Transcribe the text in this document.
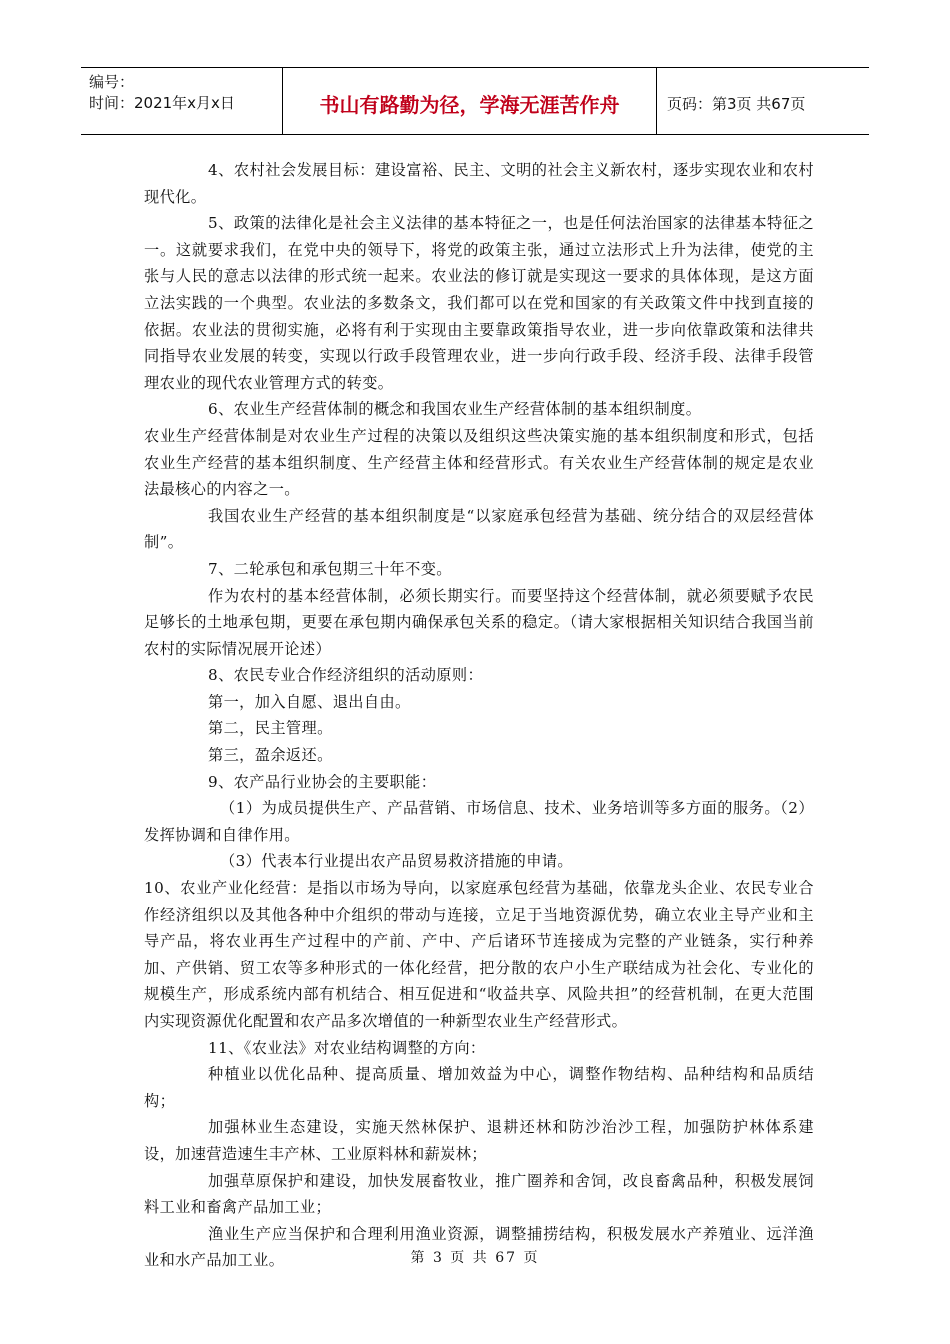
编号：
时间：2021年x月x日	书山有路勤为径，学海无涯苦作舟	页码：第3页 共67页

4、农村社会发展目标：建设富裕、民主、文明的社会主义新农村，逐步实现农业和农村现代化。

5、政策的法律化是社会主义法律的基本特征之一，也是任何法治国家的法律基本特征之一。这就要求我们，在党中央的领导下，将党的政策主张，通过立法形式上升为法律，使党的主张与人民的意志以法律的形式统一起来。农业法的修订就是实现这一要求的具体体现，是这方面立法实践的一个典型。农业法的多数条文，我们都可以在党和国家的有关政策文件中找到直接的依据。农业法的贯彻实施，必将有利于实现由主要靠政策指导农业，进一步向依靠政策和法律共同指导农业发展的转变，实现以行政手段管理农业，进一步向行政手段、经济手段、法律手段管理农业的现代农业管理方式的转变。

6、农业生产经营体制的概念和我国农业生产经营体制的基本组织制度。

农业生产经营体制是对农业生产过程的决策以及组织这些决策实施的基本组织制度和形式，包括农业生产经营的基本组织制度、生产经营主体和经营形式。有关农业生产经营体制的规定是农业法最核心的内容之一。

我国农业生产经营的基本组织制度是“以家庭承包经营为基础、统分结合的双层经营体制”。

7、二轮承包和承包期三十年不变。

作为农村的基本经营体制，必须长期实行。而要坚持这个经营体制，就必须要赋予农民足够长的土地承包期，更要在承包期内确保承包关系的稳定。（请大家根据相关知识结合我国当前农村的实际情况展开论述）

8、农民专业合作经济组织的活动原则：

第一，加入自愿、退出自由。

第二，民主管理。

第三，盈余返还。

9、农产品行业协会的主要职能：

（1）为成员提供生产、产品营销、市场信息、技术、业务培训等多方面的服务。（2）发挥协调和自律作用。

（3）代表本行业提出农产品贸易救济措施的申请。

10、农业产业化经营：是指以市场为导向，以家庭承包经营为基础，依靠龙头企业、农民专业合作经济组织以及其他各种中介组织的带动与连接，立足于当地资源优势，确立农业主导产业和主导产品，将农业再生产过程中的产前、产中、产后诸环节连接成为完整的产业链条，实行种养加、产供销、贸工农等多种形式的一体化经营，把分散的农户小生产联结成为社会化、专业化的规模生产，形成系统内部有机结合、相互促进和“收益共享、风险共担”的经营机制，在更大范围内实现资源优化配置和农产品多次增值的一种新型农业生产经营形式。

11、《农业法》对农业结构调整的方向：

种植业以优化品种、提高质量、增加效益为中心，调整作物结构、品种结构和品质结构；

加强林业生态建设，实施天然林保护、退耕还林和防沙治沙工程，加强防护林体系建设，加速营造速生丰产林、工业原料林和薪炭林；

加强草原保护和建设，加快发展畜牧业，推广圈养和舍饲，改良畜禽品种，积极发展饲料工业和畜禽产品加工业；

渔业生产应当保护和合理利用渔业资源，调整捕捞结构，积极发展水产养殖业、远洋渔业和水产品加工业。	第 3 页 共 67 页
